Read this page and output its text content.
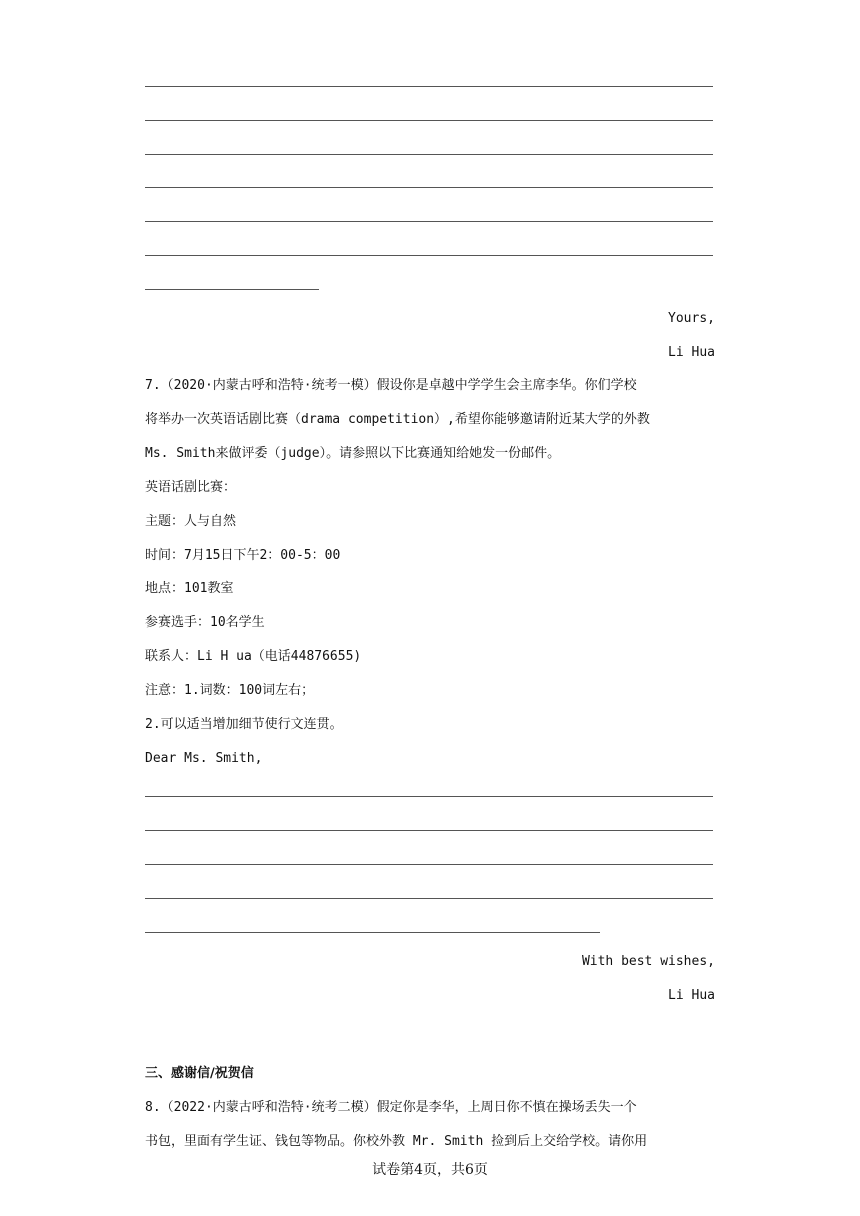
Yours,
Li Hua
7.（2020·内蒙古呼和浩特·统考一模）假设你是卓越中学学生会主席李华。你们学校
将举办一次英语话剧比赛（drama competition）,希望你能够邀请附近某大学的外教
Ms. Smith来做评委（judge）。请参照以下比赛通知给她发一份邮件。
英语话剧比赛：
主题：人与自然
时间：7月15日下午2：00-5：00
地点：101教室
参赛选手：10名学生
联系人：Li H ua（电话44876655)
注意：1.词数：100词左右；
2.可以适当增加细节使行文连贯。
Dear Ms. Smith,
With best wishes,
Li Hua
三、感谢信/祝贺信
8.（2022·内蒙古呼和浩特·统考二模）假定你是李华，上周日你不慎在操场丢失一个
书包，里面有学生证、钱包等物品。你校外教 Mr. Smith 捡到后上交给学校。请你用
试卷第4页，共6页
